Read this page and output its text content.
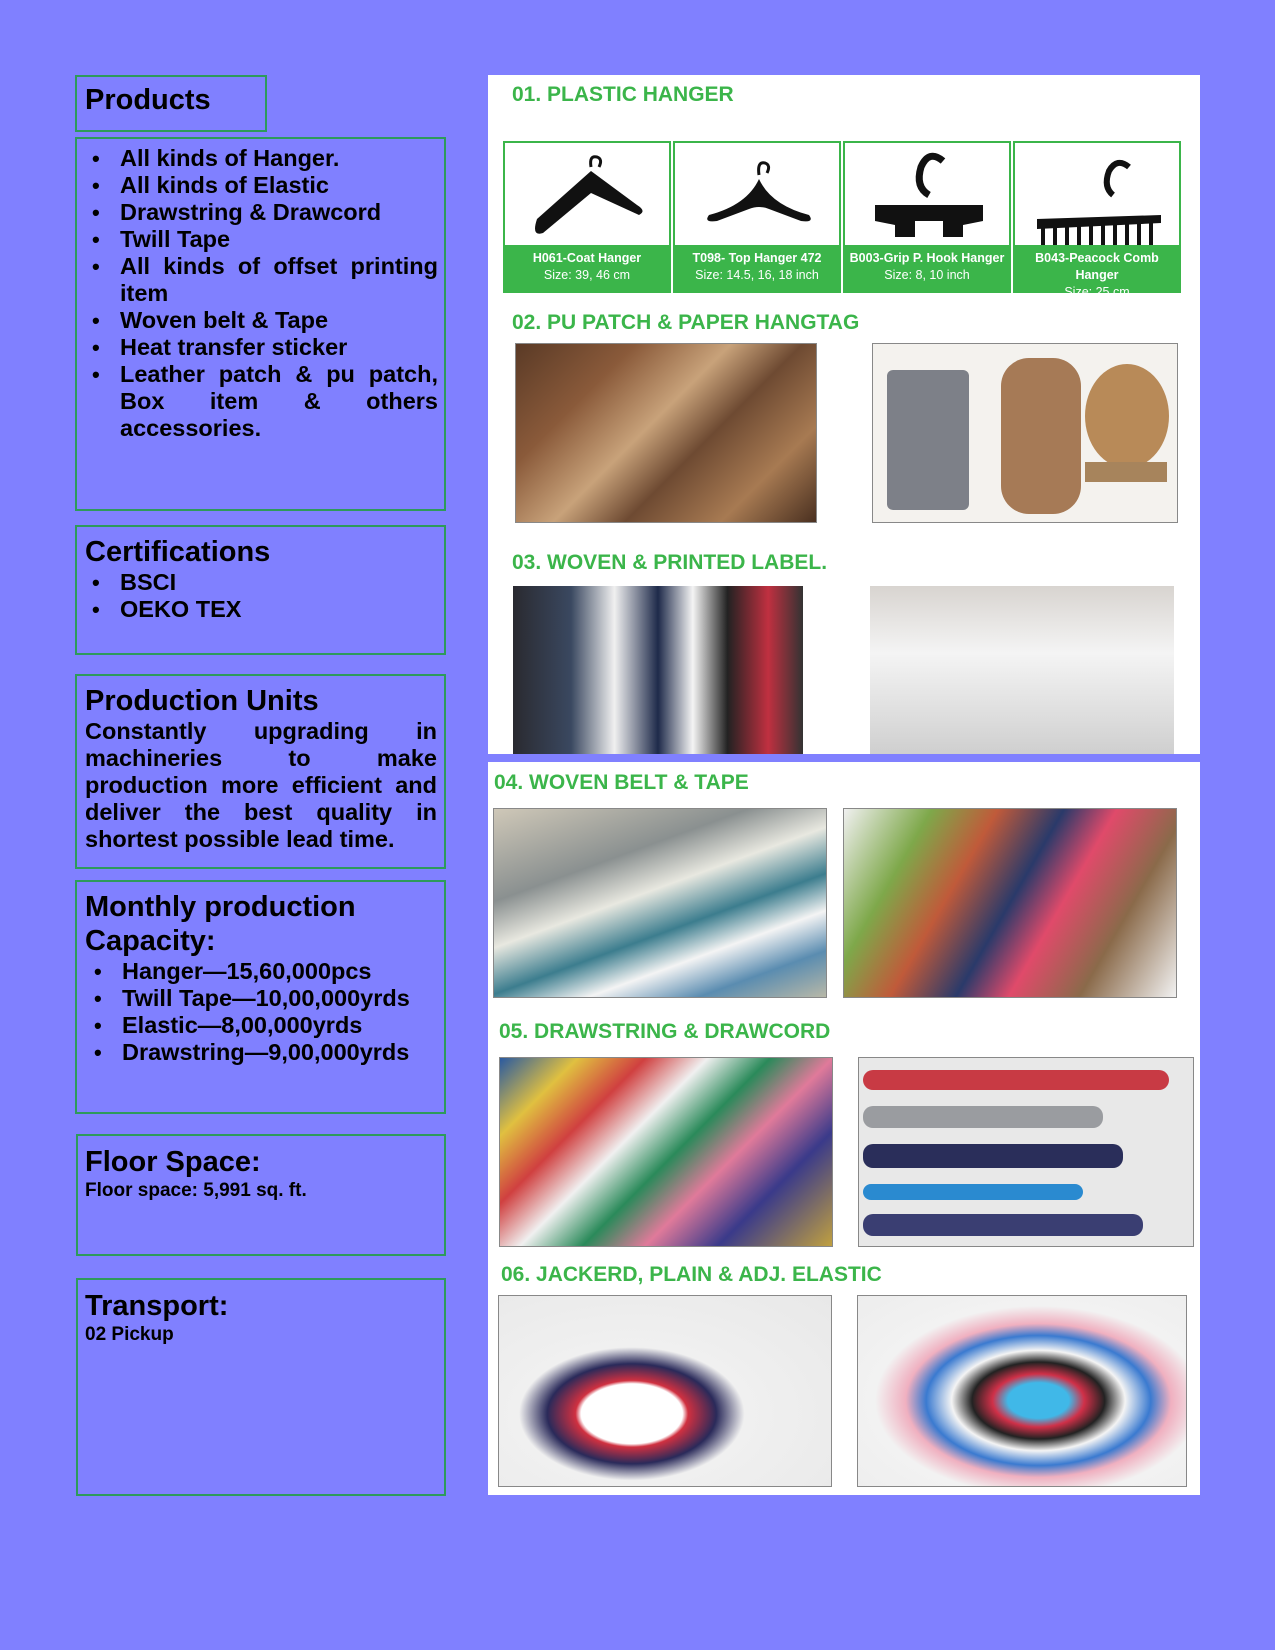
Products

• All kinds of Hanger.
• All kinds of Elastic
• Drawstring & Drawcord
• Twill Tape
• All kinds of offset printing item
• Woven belt & Tape
• Heat transfer sticker
• Leather patch & pu patch, Box item & others accessories.

Certifications

• BSCI
• OEKO TEX

Production Units

Constantly upgrading in machineries to make production more efficient and deliver the best quality in shortest possible lead time.

Monthly production Capacity:

• Hanger—15,60,000pcs
• Twill Tape—10,00,000yrds
• Elastic—8,00,000yrds
• Drawstring—9,00,000yrds

Floor Space:

Floor space: 5,991 sq. ft.

Transport:

02 Pickup

01. PLASTIC HANGER
H061-Coat Hanger
Size: 39, 46 cm
T098- Top Hanger 472
Size: 14.5, 16, 18 inch
B003-Grip P. Hook Hanger
Size: 8, 10 inch
B043-Peacock Comb Hanger
Size: 25 cm
02. PU PATCH & PAPER HANGTAG
03. WOVEN & PRINTED LABEL.
04. WOVEN BELT & TAPE
05. DRAWSTRING & DRAWCORD
06. JACKERD, PLAIN & ADJ. ELASTIC
